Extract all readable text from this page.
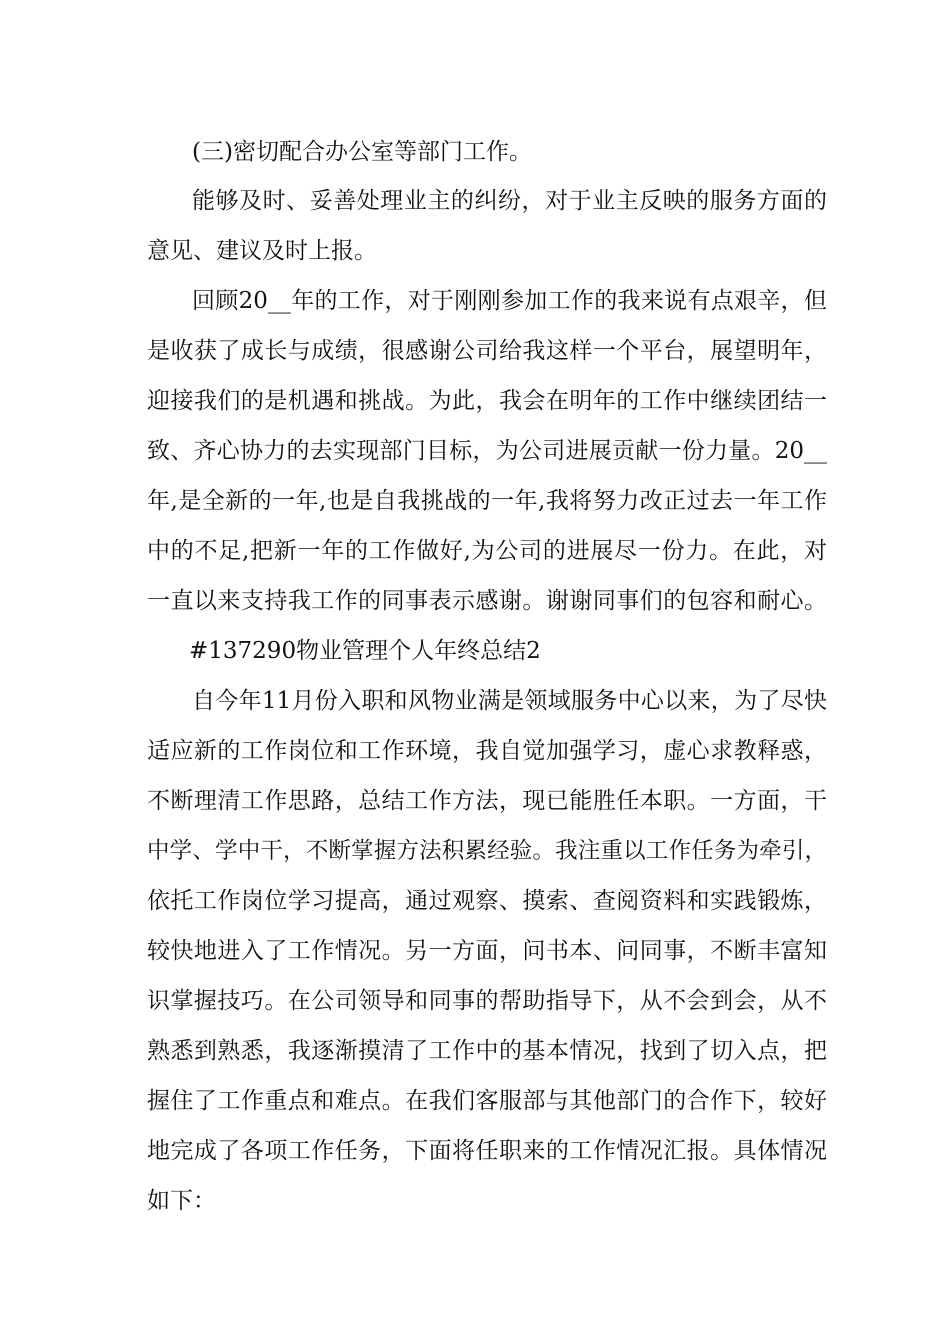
(三)密切配合办公室等部门工作。
能够及时、妥善处理业主的纠纷，对于业主反映的服务方面的
意见、建议及时上报。
回顾20__年的工作，对于刚刚参加工作的我来说有点艰辛，但
是收获了成长与成绩，很感谢公司给我这样一个平台，展望明年，
迎接我们的是机遇和挑战。为此，我会在明年的工作中继续团结一
致、齐心协力的去实现部门目标，为公司进展贡献一份力量。20__
年,是全新的一年,也是自我挑战的一年,我将努力改正过去一年工作
中的不足,把新一年的工作做好,为公司的进展尽一份力。在此，对
一直以来支持我工作的同事表示感谢。谢谢同事们的包容和耐心。
#137290物业管理个人年终总结2
自今年11月份入职和风物业满是领域服务中心以来，为了尽快
适应新的工作岗位和工作环境，我自觉加强学习，虚心求教释惑，
不断理清工作思路，总结工作方法，现已能胜任本职。一方面，干
中学、学中干，不断掌握方法积累经验。我注重以工作任务为牵引，
依托工作岗位学习提高，通过观察、摸索、查阅资料和实践锻炼，
较快地进入了工作情况。另一方面，问书本、问同事，不断丰富知
识掌握技巧。在公司领导和同事的帮助指导下，从不会到会，从不
熟悉到熟悉，我逐渐摸清了工作中的基本情况，找到了切入点，把
握住了工作重点和难点。在我们客服部与其他部门的合作下，较好
地完成了各项工作任务，下面将任职来的工作情况汇报。具体情况
如下：
